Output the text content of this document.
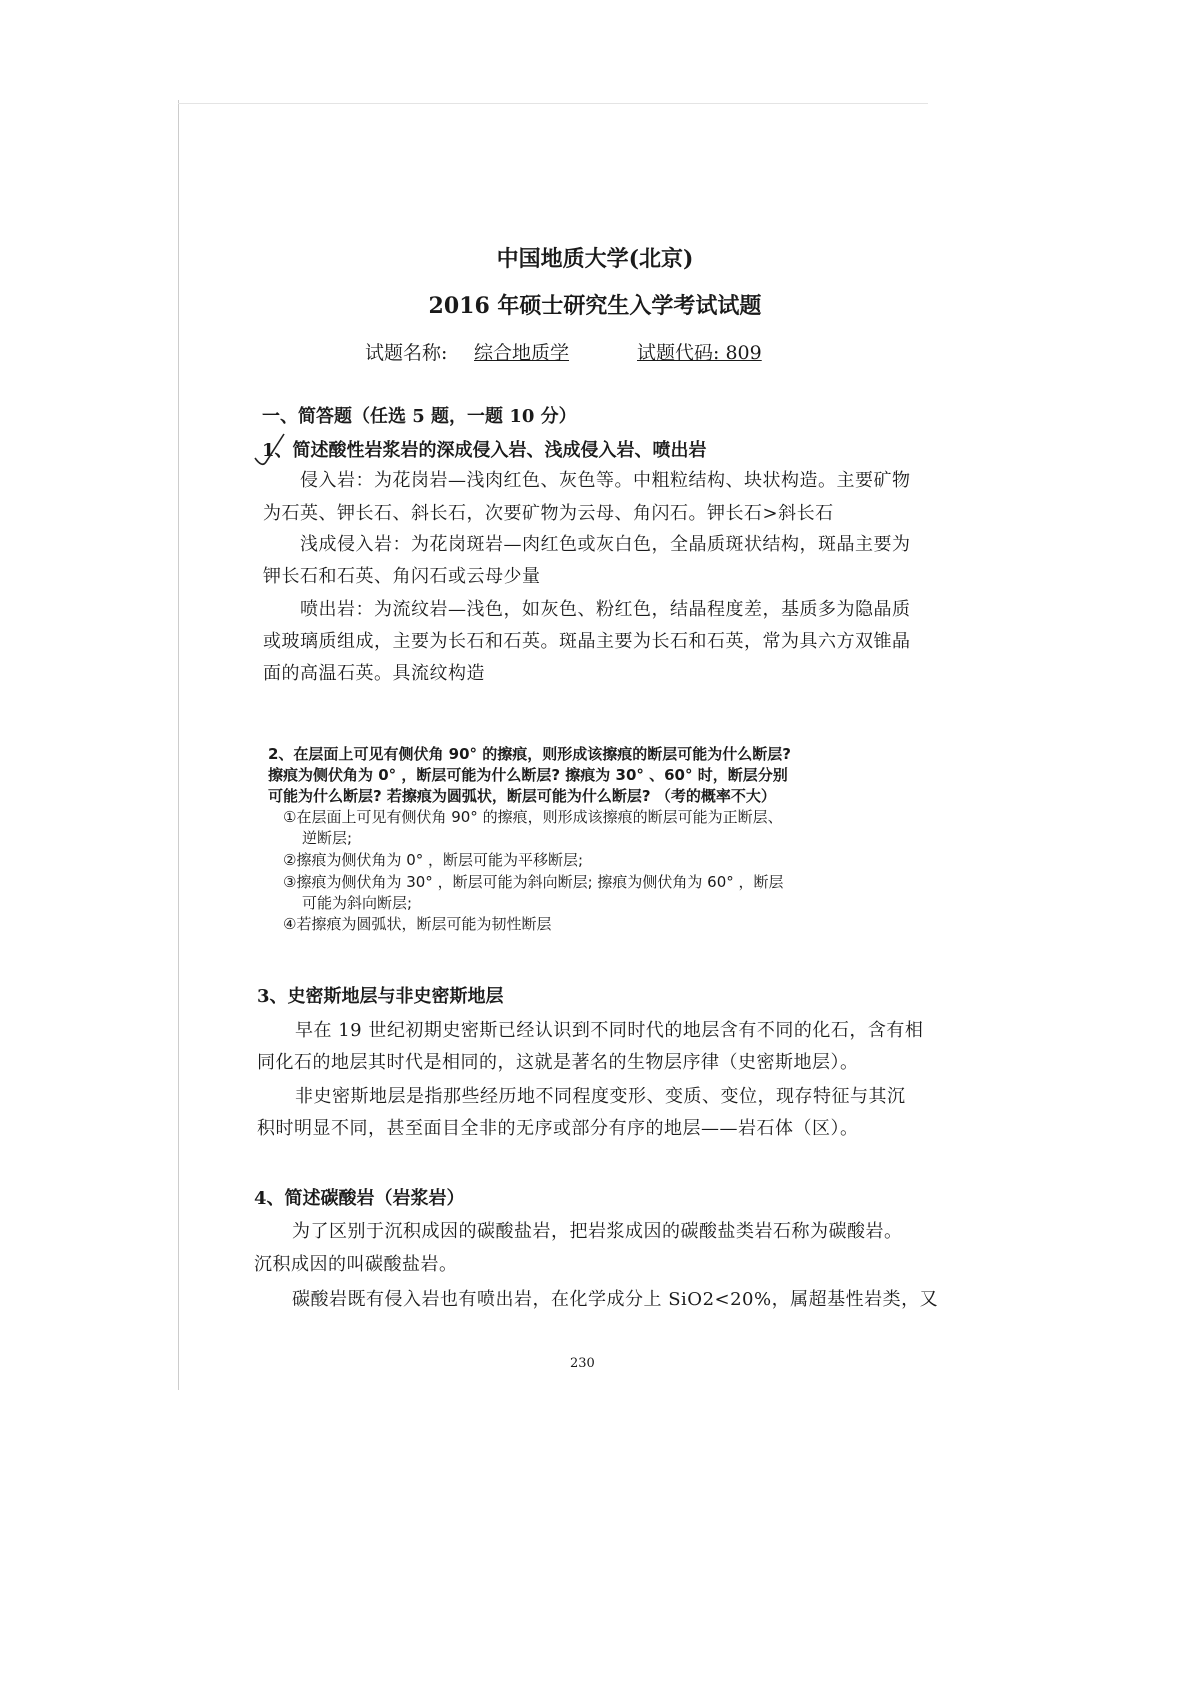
中国地质大学(北京)
2016 年硕士研究生入学考试试题
试题名称: 综合地质学	试题代码: 809
一、简答题（任选 5 题，一题 10 分）
1、简述酸性岩浆岩的深成侵入岩、浅成侵入岩、喷出岩
侵入岩：为花岗岩—浅肉红色、灰色等。中粗粒结构、块状构造。主要矿物
为石英、钾长石、斜长石，次要矿物为云母、角闪石。钾长石>斜长石
浅成侵入岩：为花岗斑岩—肉红色或灰白色，全晶质斑状结构，斑晶主要为
钾长石和石英、角闪石或云母少量
喷出岩：为流纹岩—浅色，如灰色、粉红色，结晶程度差，基质多为隐晶质
或玻璃质组成，主要为长石和石英。斑晶主要为长石和石英，常为具六方双锥晶
面的高温石英。具流纹构造
2、在层面上可见有侧伏角 90° 的擦痕，则形成该擦痕的断层可能为什么断层?
擦痕为侧伏角为 0° ，断层可能为什么断层? 擦痕为 30° 、60° 时，断层分别
可能为什么断层? 若擦痕为圆弧状，断层可能为什么断层? （考的概率不大）
①在层面上可见有侧伏角 90° 的擦痕，则形成该擦痕的断层可能为正断层、
逆断层;
②擦痕为侧伏角为 0° ，断层可能为平移断层;
③擦痕为侧伏角为 30° ，断层可能为斜向断层; 擦痕为侧伏角为 60° ，断层
可能为斜向断层;
④若擦痕为圆弧状，断层可能为韧性断层
3、史密斯地层与非史密斯地层
早在 19 世纪初期史密斯已经认识到不同时代的地层含有不同的化石，含有相
同化石的地层其时代是相同的，这就是著名的生物层序律（史密斯地层）。
非史密斯地层是指那些经历地不同程度变形、变质、变位，现存特征与其沉
积时明显不同，甚至面目全非的无序或部分有序的地层——岩石体（区）。
4、简述碳酸岩（岩浆岩）
为了区别于沉积成因的碳酸盐岩，把岩浆成因的碳酸盐类岩石称为碳酸岩。
沉积成因的叫碳酸盐岩。
碳酸岩既有侵入岩也有喷出岩，在化学成分上 SiO2<20%，属超基性岩类，又
230
